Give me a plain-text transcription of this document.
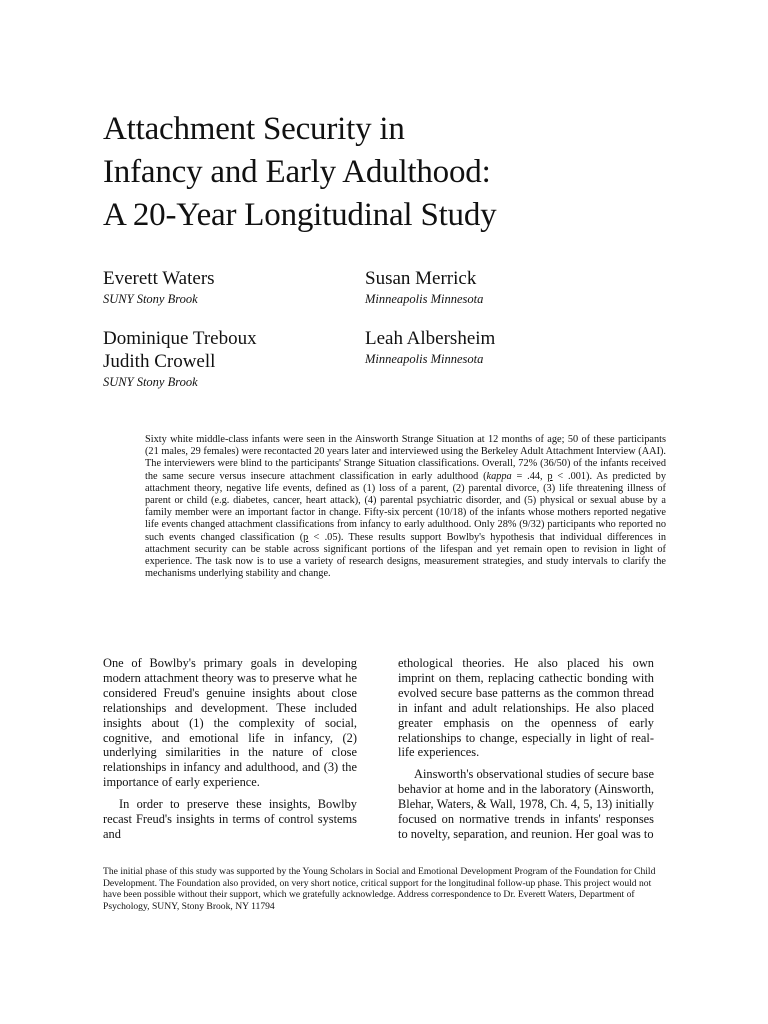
Attachment Security in
Infancy and Early Adulthood:
A 20-Year Longitudinal Study
Everett Waters
SUNY Stony Brook
Susan Merrick
Minneapolis Minnesota
Dominique Treboux
Judith Crowell
SUNY Stony Brook
Leah Albersheim
Minneapolis Minnesota

Sixty white middle-class infants were seen in the Ainsworth Strange Situation at 12 months of age; 50 of these participants (21 males, 29 females) were recontacted 20 years later and interviewed using the Berkeley Adult Attachment Interview (AAI). The interviewers were blind to the participants' Strange Situation classifications. Overall, 72% (36/50) of the infants received the same secure versus insecure attachment classification in early adulthood (kappa = .44, p < .001). As predicted by attachment theory, negative life events, defined as (1) loss of a parent, (2) parental divorce, (3) life threatening illness of parent or child (e.g. diabetes, cancer, heart attack), (4) parental psychiatric disorder, and (5) physical or sexual abuse by a family member were an important factor in change. Fifty-six percent (10/18) of the infants whose mothers reported negative life events changed attachment classifications from infancy to early adulthood. Only 28% (9/32) participants who reported no such events changed classification (p < .05). These results support Bowlby's hypothesis that individual differences in attachment security can be stable across significant portions of the lifespan and yet remain open to revision in light of experience. The task now is to use a variety of research designs, measurement strategies, and study intervals to clarify the mechanisms underlying stability and change.

One of Bowlby's primary goals in developing modern attachment theory was to preserve what he considered Freud's genuine insights about close relationships and development. These included insights about (1) the complexity of social, cognitive, and emotional life in infancy, (2) underlying similarities in the nature of close relationships in infancy and adulthood, and (3) the importance of early experience.

In order to preserve these insights, Bowlby recast Freud's insights in terms of control systems and

ethological theories. He also placed his own imprint on them, replacing cathectic bonding with evolved secure base patterns as the common thread in infant and adult relationships. He also placed greater emphasis on the openness of early relationships to change, especially in light of real-life experiences.

Ainsworth's observational studies of secure base behavior at home and in the laboratory (Ainsworth, Blehar, Waters, & Wall, 1978, Ch. 4, 5, 13) initially focused on normative trends in infants' responses to novelty, separation, and reunion. Her goal was to

The initial phase of this study was supported by the Young Scholars in Social and Emotional Development Program of the Foundation for Child Development. The Foundation also provided, on very short notice, critical support for the longitudinal follow-up phase. This project would not have been possible without their support, which we gratefully acknowledge. Address correspondence to Dr. Everett Waters, Department of Psychology, SUNY, Stony Brook, NY 11794
